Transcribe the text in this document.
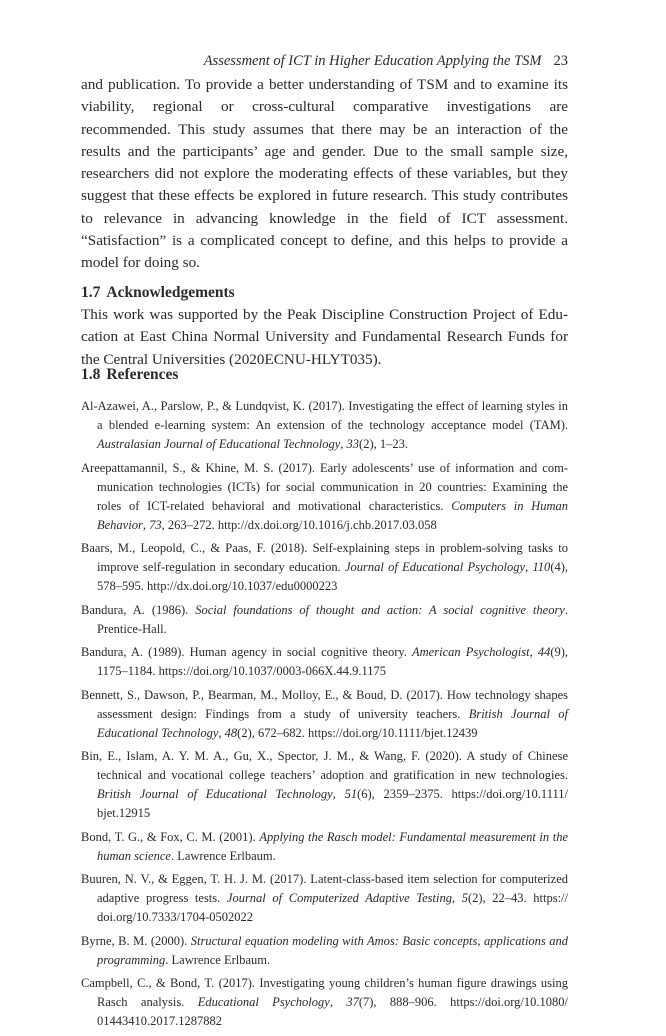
Assessment of ICT in Higher Education Applying the TSM 23

and publication. To provide a better understanding of TSM and to examine its viability, regional or cross-cultural comparative investigations are recommended. This study assumes that there may be an interaction of the results and the participants’ age and gender. Due to the small sample size, researchers did not explore the moderating effects of these variables, but they suggest that these effects be explored in future research. This study contributes to relevance in advancing knowledge in the field of ICT assessment. “Satisfaction” is a complicated concept to define, and this helps to provide a model for doing so.

1.7 Acknowledgements

This work was supported by the Peak Discipline Construction Project of Education at East China Normal University and Fundamental Research Funds for the Central Universities (2020ECNU-HLYT035).

1.8 References
Al-Azawei, A., Parslow, P., & Lundqvist, K. (2017). Investigating the effect of learning styles in a blended e-learning system: An extension of the technology acceptance model (TAM). Australasian Journal of Educational Technology, 33(2), 1–23.
Areepattamannil, S., & Khine, M. S. (2017). Early adolescents’ use of information and communication technologies (ICTs) for social communication in 20 countries: Examining the roles of ICT-related behavioral and motivational characteristics. Computers in Human Behavior, 73, 263–272. http://dx.doi.org/10.1016/j.chb.2017.03.058
Baars, M., Leopold, C., & Paas, F. (2018). Self-explaining steps in problem-solving tasks to improve self-regulation in secondary education. Journal of Educational Psychology, 110(4), 578–595. http://dx.doi.org/10.1037/edu0000223
Bandura, A. (1986). Social foundations of thought and action: A social cognitive theory. Prentice-Hall.
Bandura, A. (1989). Human agency in social cognitive theory. American Psychologist, 44(9), 1175–1184. https://doi.org/10.1037/0003-066X.44.9.1175
Bennett, S., Dawson, P., Bearman, M., Molloy, E., & Boud, D. (2017). How technology shapes assessment design: Findings from a study of university teachers. British Journal of Educational Technology, 48(2), 672–682. https://doi.org/10.1111/bjet.12439
Bin, E., Islam, A. Y. M. A., Gu, X., Spector, J. M., & Wang, F. (2020). A study of Chinese technical and vocational college teachers’ adoption and gratification in new technologies. British Journal of Educational Technology, 51(6), 2359–2375. https://doi.org/10.1111/ bjet.12915
Bond, T. G., & Fox, C. M. (2001). Applying the Rasch model: Fundamental measurement in the human science. Lawrence Erlbaum.
Buuren, N. V., & Eggen, T. H. J. M. (2017). Latent-class-based item selection for computerized adaptive progress tests. Journal of Computerized Adaptive Testing, 5(2), 22–43. https:// doi.org/10.7333/1704-0502022
Byrne, B. M. (2000). Structural equation modeling with Amos: Basic concepts, applications and programming. Lawrence Erlbaum.
Campbell, C., & Bond, T. (2017). Investigating young children’s human figure drawings using Rasch analysis. Educational Psychology, 37(7), 888–906. https://doi.org/10.1080/ 01443410.2017.1287882
